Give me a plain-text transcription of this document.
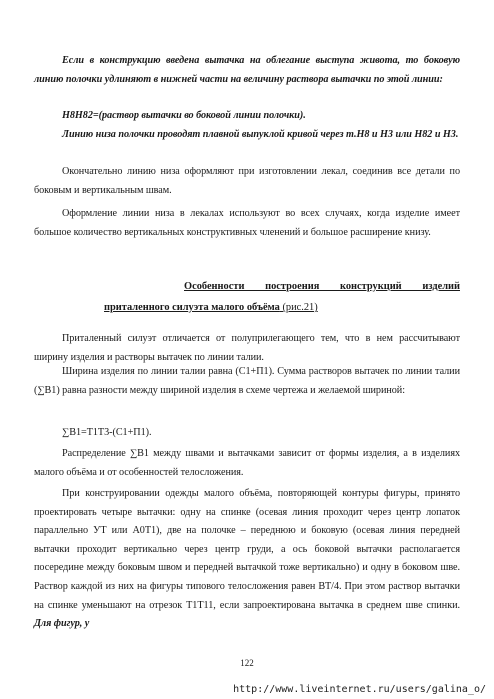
Если в конструкцию введена вытачка на облегание выступа живота, то боковую линию полочки удлиняют в нижней части на величину раствора вытачки по этой линии:

Н8Н82=(раствор вытачки во боковой линии полочки).

Линию низа полочки проводят плавной выпуклой кривой через т.Н8 и Н3 или Н82 и Н3.

Окончательно линию низа оформляют при изготовлении лекал, соединив все детали по боковым и вертикальным швам.

Оформление линии низа в лекалах используют во всех случаях, когда изделие имеет большое количество вертикальных конструктивных членений и большое расширение книзу.

Особенности построения конструкций изделий

приталенного силуэта малого объёма (рис.21)

Приталенный силуэт отличается от полуприлегающего тем, что в нем рассчитывают ширину изделия и растворы вытачек по линии талии.

Ширина изделия по линии талии равна (С1+П1). Сумма растворов вытачек по линии талии (∑В1) равна разности между шириной изделия в схеме чертежа и желаемой шириной:

∑В1=Т1Т3-(С1+П1).

Распределение ∑В1 между швами и вытачками зависит от формы изделия, а в изделиях малого объёма и от особенностей телосложения.

При конструировании одежды малого объёма, повторяющей контуры фигуры, принято проектировать четыре вытачки: одну на спинке (осевая линия проходит через центр лопаток параллельно УТ или А0Т1), две на полочке – переднюю и боковую (осевая линия передней вытачки проходит вертикально через центр груди, а ось боковой вытачки располагается посередине между боковым швом и передней вытачкой тоже вертикально) и одну в боковом шве. Раствор каждой из них на фигуры типового телосложения равен ВТ/4. При этом раствор вытачки на спинке уменьшают на отрезок Т1Т11, если запроектирована вытачка в среднем шве спинки. Для фигур, у

122
http://www.liveinternet.ru/users/galina_o/
